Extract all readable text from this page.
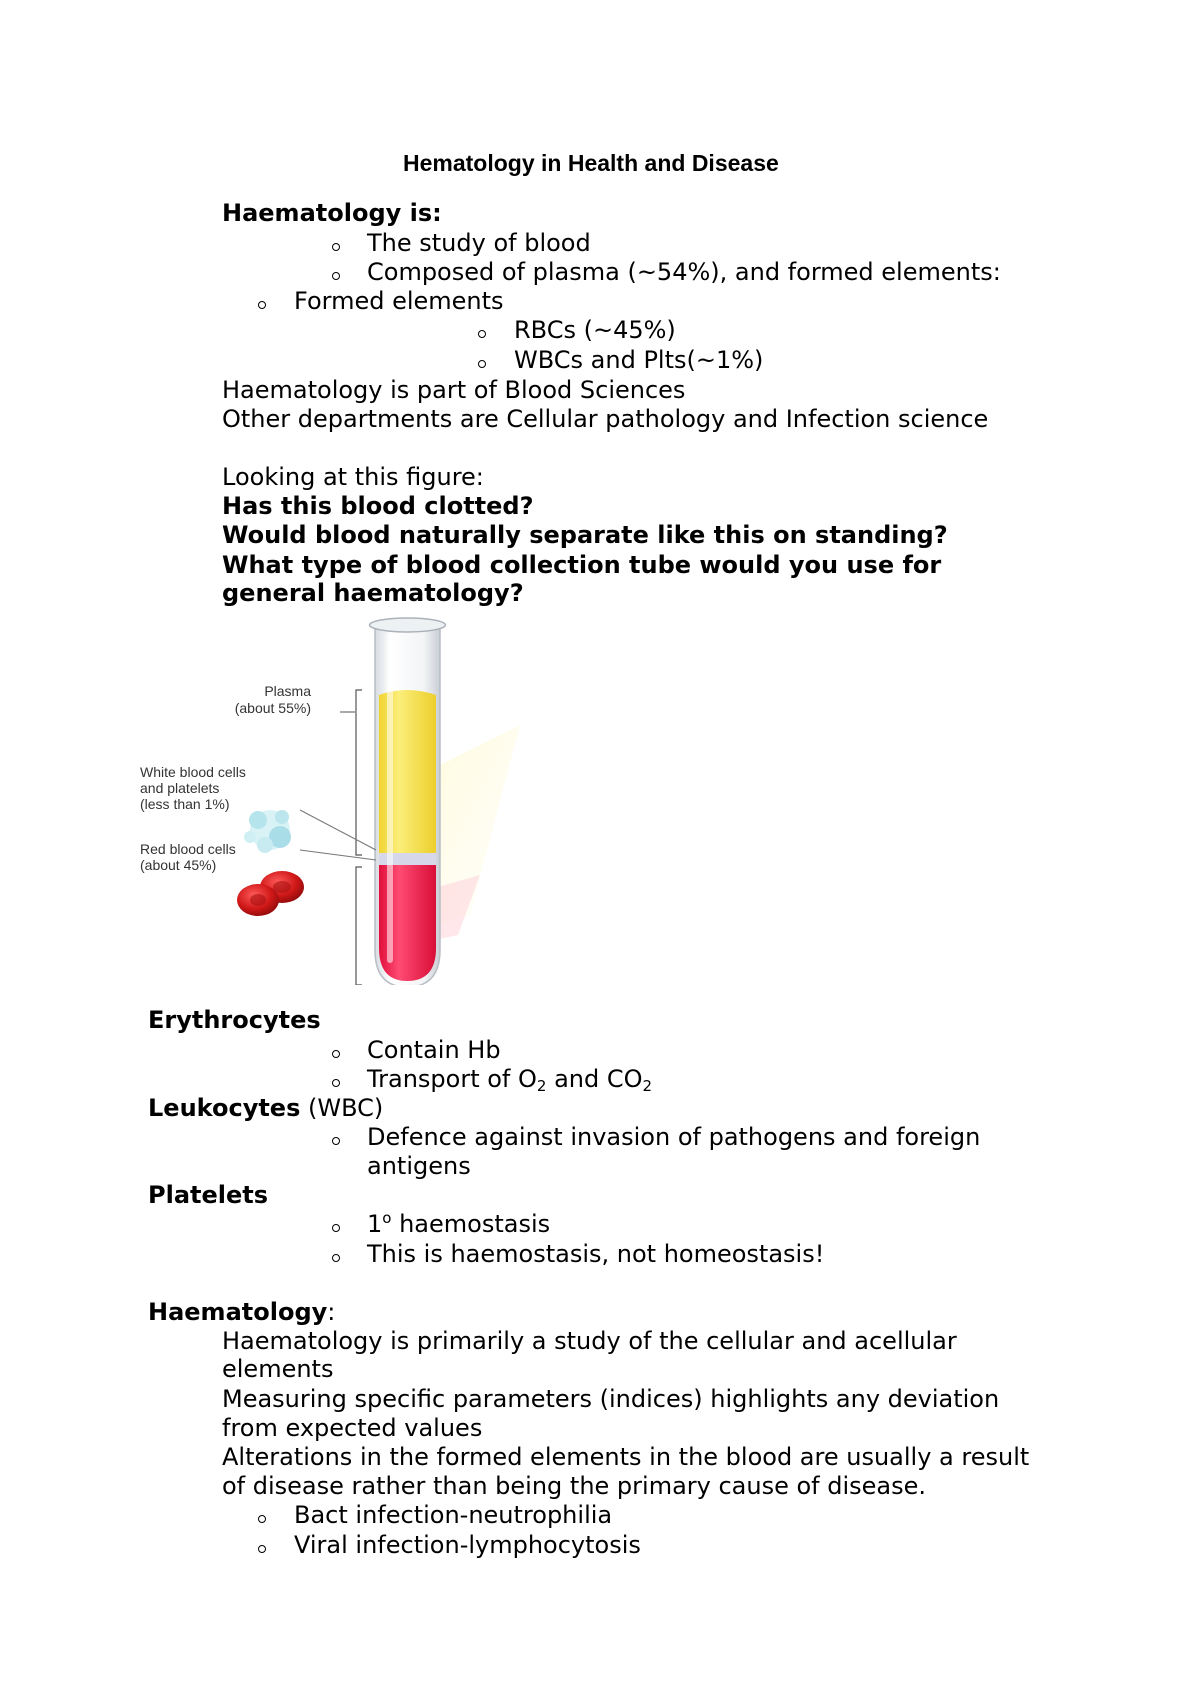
Hematology in Health and Disease
Haematology is:
The study of blood
Composed of plasma (~54%), and formed elements:
Formed elements
RBCs (~45%)
WBCs and Plts(~1%)
Haematology is part of Blood Sciences
Other departments are Cellular pathology and Infection science
Looking at this figure:
Has this blood clotted?
Would blood naturally separate like this on standing?
What type of blood collection tube would you use for
general haematology?
Plasma
(about 55%)
White blood cells
and platelets
(less than 1%)
Red blood cells
(about 45%)
Erythrocytes
Contain Hb
Transport of $O_2$ and $CO_2$
Leukocytes (WBC)
Defence against invasion of pathogens and foreign
antigens
Platelets
1$^o$ haemostasis
This is haemostasis, not homeostasis!
Haematology:
Haematology is primarily a study of the cellular and acellular
elements
Measuring specific parameters (indices) highlights any deviation
from expected values
Alterations in the formed elements in the blood are usually a result
of disease rather than being the primary cause of disease.
Bact infection-neutrophilia
Viral infection-lymphocytosis
